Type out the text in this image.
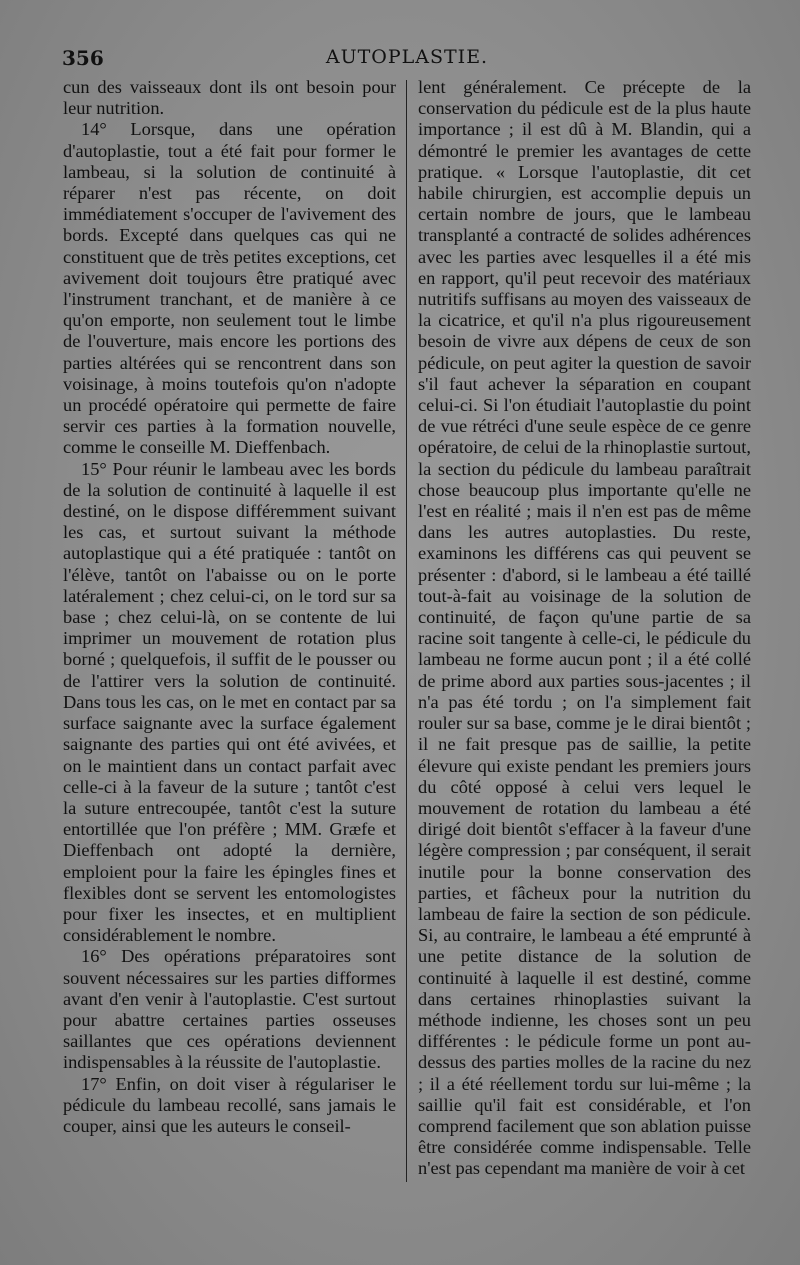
356	AUTOPLASTIE.

cun des vaisseaux dont ils ont besoin pour leur nutrition.

14° Lorsque, dans une opération d'autoplastie, tout a été fait pour former le lambeau, si la solution de continuité à réparer n'est pas récente, on doit immédiatement s'occuper de l'avivement des bords. Excepté dans quelques cas qui ne constituent que de très petites exceptions, cet avivement doit toujours être pratiqué avec l'instrument tranchant, et de manière à ce qu'on emporte, non seulement tout le limbe de l'ouverture, mais encore les portions des parties altérées qui se rencontrent dans son voisinage, à moins toutefois qu'on n'adopte un procédé opératoire qui permette de faire servir ces parties à la formation nouvelle, comme le conseille M. Dieffenbach.

15° Pour réunir le lambeau avec les bords de la solution de continuité à laquelle il est destiné, on le dispose différemment suivant les cas, et surtout suivant la méthode autoplastique qui a été pratiquée : tantôt on l'élève, tantôt on l'abaisse ou on le porte latéralement ; chez celui-ci, on le tord sur sa base ; chez celui-là, on se contente de lui imprimer un mouvement de rotation plus borné ; quelquefois, il suffit de le pousser ou de l'attirer vers la solution de continuité. Dans tous les cas, on le met en contact par sa surface saignante avec la surface également saignante des parties qui ont été avivées, et on le maintient dans un contact parfait avec celle-ci à la faveur de la suture ; tantôt c'est la suture entrecoupée, tantôt c'est la suture entortillée que l'on préfère ; MM. Græfe et Dieffenbach ont adopté la dernière, emploient pour la faire les épingles fines et flexibles dont se servent les entomologistes pour fixer les insectes, et en multiplient considérablement le nombre.

16° Des opérations préparatoires sont souvent nécessaires sur les parties difformes avant d'en venir à l'autoplastie. C'est surtout pour abattre certaines parties osseuses saillantes que ces opérations deviennent indispensables à la réussite de l'autoplastie.

17° Enfin, on doit viser à régulariser le pédicule du lambeau recollé, sans jamais le couper, ainsi que les auteurs le conseil-

lent généralement. Ce précepte de la conservation du pédicule est de la plus haute importance ; il est dû à M. Blandin, qui a démontré le premier les avantages de cette pratique. « Lorsque l'autoplastie, dit cet habile chirurgien, est accomplie depuis un certain nombre de jours, que le lambeau transplanté a contracté de solides adhérences avec les parties avec lesquelles il a été mis en rapport, qu'il peut recevoir des matériaux nutritifs suffisans au moyen des vaisseaux de la cicatrice, et qu'il n'a plus rigoureusement besoin de vivre aux dépens de ceux de son pédicule, on peut agiter la question de savoir s'il faut achever la séparation en coupant celui-ci. Si l'on étudiait l'autoplastie du point de vue rétréci d'une seule espèce de ce genre opératoire, de celui de la rhinoplastie surtout, la section du pédicule du lambeau paraîtrait chose beaucoup plus importante qu'elle ne l'est en réalité ; mais il n'en est pas de même dans les autres autoplasties. Du reste, examinons les différens cas qui peuvent se présenter : d'abord, si le lambeau a été taillé tout-à-fait au voisinage de la solution de continuité, de façon qu'une partie de sa racine soit tangente à celle-ci, le pédicule du lambeau ne forme aucun pont ; il a été collé de prime abord aux parties sous-jacentes ; il n'a pas été tordu ; on l'a simplement fait rouler sur sa base, comme je le dirai bientôt ; il ne fait presque pas de saillie, la petite élevure qui existe pendant les premiers jours du côté opposé à celui vers lequel le mouvement de rotation du lambeau a été dirigé doit bientôt s'effacer à la faveur d'une légère compression ; par conséquent, il serait inutile pour la bonne conservation des parties, et fâcheux pour la nutrition du lambeau de faire la section de son pédicule. Si, au contraire, le lambeau a été emprunté à une petite distance de la solution de continuité à laquelle il est destiné, comme dans certaines rhinoplasties suivant la méthode indienne, les choses sont un peu différentes : le pédicule forme un pont au-dessus des parties molles de la racine du nez ; il a été réellement tordu sur lui-même ; la saillie qu'il fait est considérable, et l'on comprend facilement que son ablation puisse être considérée comme indispensable. Telle n'est pas cependant ma manière de voir à cet
